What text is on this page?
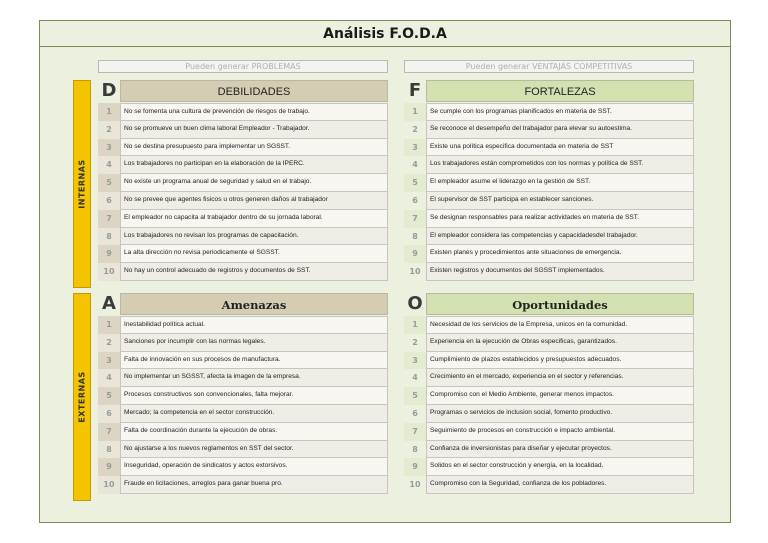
Análisis F.O.D.A
Pueden generar PROBLEMAS	Pueden generar VENTAJAS COMPETITIVAS
INTERNAS
EXTERNAS
D	DEBILIDADES
1	No se fomenta una cultura de prevención de riesgos de trabajo.
2	No se promueve un buen clima laboral Empleador - Trabajador.
3	No se destina presupuesto para implementar un SGSST.
4	Los trabajadores no participan en la elaboración de la IPERC.
5	No existe un programa anual de seguridad y salud en el trabajo.
6	No se prevee que agentes fisicos u otros generen daños al trabajador
7	El empleador no capacita al trabajador dentro de su jornada laboral.
8	Los trabajadores no revisan los programas de capacitación.
9	La alta dirección no revisa periodicamente el SGSST.
10	No hay un control adecuado de registros y documentos de SST.
F	FORTALEZAS
1	Se cumple con los programas planificados en materia de SST.
2	Se reconoce el desempeño del trabajador para elevar su autoestima.
3	Existe una política especifica documentada en materia de SST
4	Los trabajadores están comprometidos con los normas y política de SST.
5	El empleador asume el liderazgo en la gestión de SST.
6	El supervisor de SST participa en establecer sanciones.
7	Se designan responsables para realizar actividades en materia de SST.
8	El empleador considera las competencias y capacidadesdel trabajador.
9	Existen planes y procedimientos ante situaciones de emergencia.
10	Existen registros y documentos del SGSST implementados.
A	Amenazas
1	Inestabilidad política actual.
2	Sanciones por incumplir con las normas legales.
3	Falta de innovación en sus procesos de manufactura.
4	No implementar un SGSST, afecta la imagen de la empresa.
5	Procesos constructivos son convencionales, falta mejorar.
6	Mercado; la competencia en el sector construcción.
7	Falta de coordinación durante la ejecución de obras.
8	No ajustarse a los nuevos reglamentos en SST del sector.
9	Inseguridad, operación de sindicatos y actos extorsivos.
10	Fraude en licitaciones, arreglos para ganar buena pro.
O	Oportunidades
1	Necesidad de los servicios de la Empresa, unicos en la comunidad.
2	Experiencia en la ejecución de Obras especificas, garantizados.
3	Cumplimiento de plazos establecidos y presupuestos adecuados.
4	Crecimiento en el mercado, experiencia en el sector y referencias.
5	Compromiso con el Medio Ambiente, generar menos impactos.
6	Programas o servicios de inclusion social, fomento productivo.
7	Seguimiento de procesos en construcción e impacto ambiental.
8	Confianza de inversionistas para diseñar y ejecutar proyectos.
9	Solidos en el sector construcción y energía, en la localidad.
10	Compromiso con la Seguridad, confianza de los pobladores.
